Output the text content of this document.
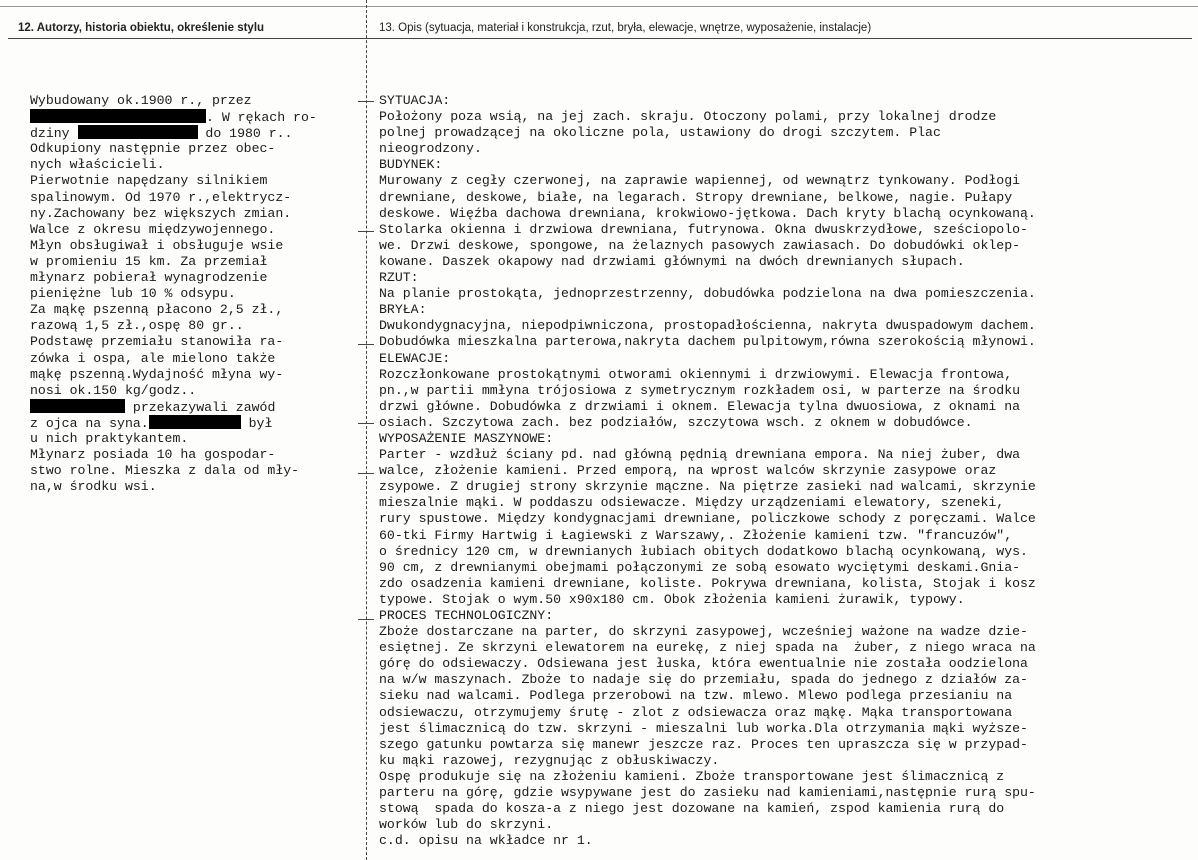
12. Autorzy, historia obiektu, określenie stylu	13. Opis (sytuacja, materiał i konstrukcja, rzut, bryła, elewacje, wnętrze, wyposażenie, instalacje)
Wybudowany ok.1900 r., przez
. W rękach ro-
dziny	do 1980 r..
Odkupiony następnie przez obec-
nych właścicieli.
Pierwotnie napędzany silnikiem
spalinowym. Od 1970 r.,elektrycz-
ny.Zachowany bez większych zmian.
Walce z okresu międzywojennego.
Młyn obsługiwał i obsługuje wsie
w promieniu 15 km. Za przemiał
młynarz pobierał wynagrodzenie
pieniężne lub 10 % odsypu.
Za mąkę pszenną płacono 2,5 zł.,
razową 1,5 zł.,ospę 80 gr..
Podstawę przemiału stanowiła ra-
zówka i ospa, ale mielono także
mąkę pszenną.Wydajność młyna wy-
nosi ok.150 kg/godz..
przekazywali zawód
z ojca na syna.	był
u nich praktykantem.
Młynarz posiada 10 ha gospodar-
stwo rolne. Mieszka z dala od mły-
na,w środku wsi.
SYTUACJA:
Położony poza wsią, na jej zach. skraju. Otoczony polami, przy lokalnej drodze
polnej prowadzącej na okoliczne pola, ustawiony do drogi szczytem. Plac
nieogrodzony.
BUDYNEK:
Murowany z cegły czerwonej, na zaprawie wapiennej, od wewnątrz tynkowany. Podłogi
drewniane, deskowe, białe, na legarach. Stropy drewniane, belkowe, nagie. Pułapy
deskowe. Więźba dachowa drewniana, krokwiowo-jętkowa. Dach kryty blachą ocynkowaną.
Stolarka okienna i drzwiowa drewniana, futrynowa. Okna dwuskrzydłowe, sześciopolo-
we. Drzwi deskowe, spongowe, na żelaznych pasowych zawiasach. Do dobudówki oklep-
kowane. Daszek okapowy nad drzwiami głównymi na dwóch drewnianych słupach.
RZUT:
Na planie prostokąta, jednoprzestrzenny, dobudówka podzielona na dwa pomieszczenia.
BRYŁA:
Dwukondygnacyjna, niepodpiwniczona, prostopadłościenna, nakryta dwuspadowym dachem.
Dobudówka mieszkalna parterowa,nakryta dachem pulpitowym,równa szerokością młynowi.
ELEWACJE:
Rozczłonkowane prostokątnymi otworami okiennymi i drzwiowymi. Elewacja frontowa,
pn.,w partii mmłyna trójosiowa z symetrycznym rozkładem osi, w parterze na środku
drzwi główne. Dobudówka z drzwiami i oknem. Elewacja tylna dwuosiowa, z oknami na
osiach. Szczytowa zach. bez podziałów, szczytowa wsch. z oknem w dobudówce.
WYPOSAŻENIE MASZYNOWE:
Parter - wzdłuż ściany pd. nad główną pędnią drewniana empora. Na niej żuber, dwa
walce, złożenie kamieni. Przed emporą, na wprost walców skrzynie zasypowe oraz
zsypowe. Z drugiej strony skrzynie mączne. Na piętrze zasieki nad walcami, skrzynie
mieszalnie mąki. W poddaszu odsiewacze. Między urządzeniami elewatory, szeneki,
rury spustowe. Między kondygnacjami drewniane, policzkowe schody z poręczami. Walce
60-tki Firmy Hartwig i Łagiewski z Warszawy,. Złożenie kamieni tzw. "francuzów",
o średnicy 120 cm, w drewnianych łubiach obitych dodatkowo blachą ocynkowaną, wys.
90 cm, z drewnianymi obejmami połączonymi ze sobą esowato wyciętymi deskami.Gnia-
zdo osadzenia kamieni drewniane, koliste. Pokrywa drewniana, kolista, Stojak i kosz
typowe. Stojak o wym.50 x90x180 cm. Obok złożenia kamieni żurawik, typowy.
PROCES TECHNOLOGICZNY:
Zboże dostarczane na parter, do skrzyni zasypowej, wcześniej ważone na wadze dzie-
esiętnej. Ze skrzyni elewatorem na eurekę, z niej spada na  żuber, z niego wraca na
górę do odsiewaczy. Odsiewana jest łuska, która ewentualnie nie została oodzielona
na w/w maszynach. Zboże to nadaje się do przemiału, spada do jednego z działów za-
sieku nad walcami. Podlega przerobowi na tzw. mlewo. Mlewo podlega przesianiu na
odsiewaczu, otrzymujemy śrutę - zlot z odsiewacza oraz mąkę. Mąka transportowana
jest ślimacznicą do tzw. skrzyni - mieszalni lub worka.Dla otrzymania mąki wyższe-
szego gatunku powtarza się manewr jeszcze raz. Proces ten upraszcza się w przypad-
ku mąki razowej, rezygnując z obłuskiwaczy.
Ospę produkuje się na złożeniu kamieni. Zboże transportowane jest ślimacznicą z
parteru na górę, gdzie wsypywane jest do zasieku nad kamieniami,następnie rurą spu-
stową  spada do kosza-a z niego jest dozowane na kamień, zspod kamienia rurą do
worków lub do skrzyni.
c.d. opisu na wkładce nr 1.
